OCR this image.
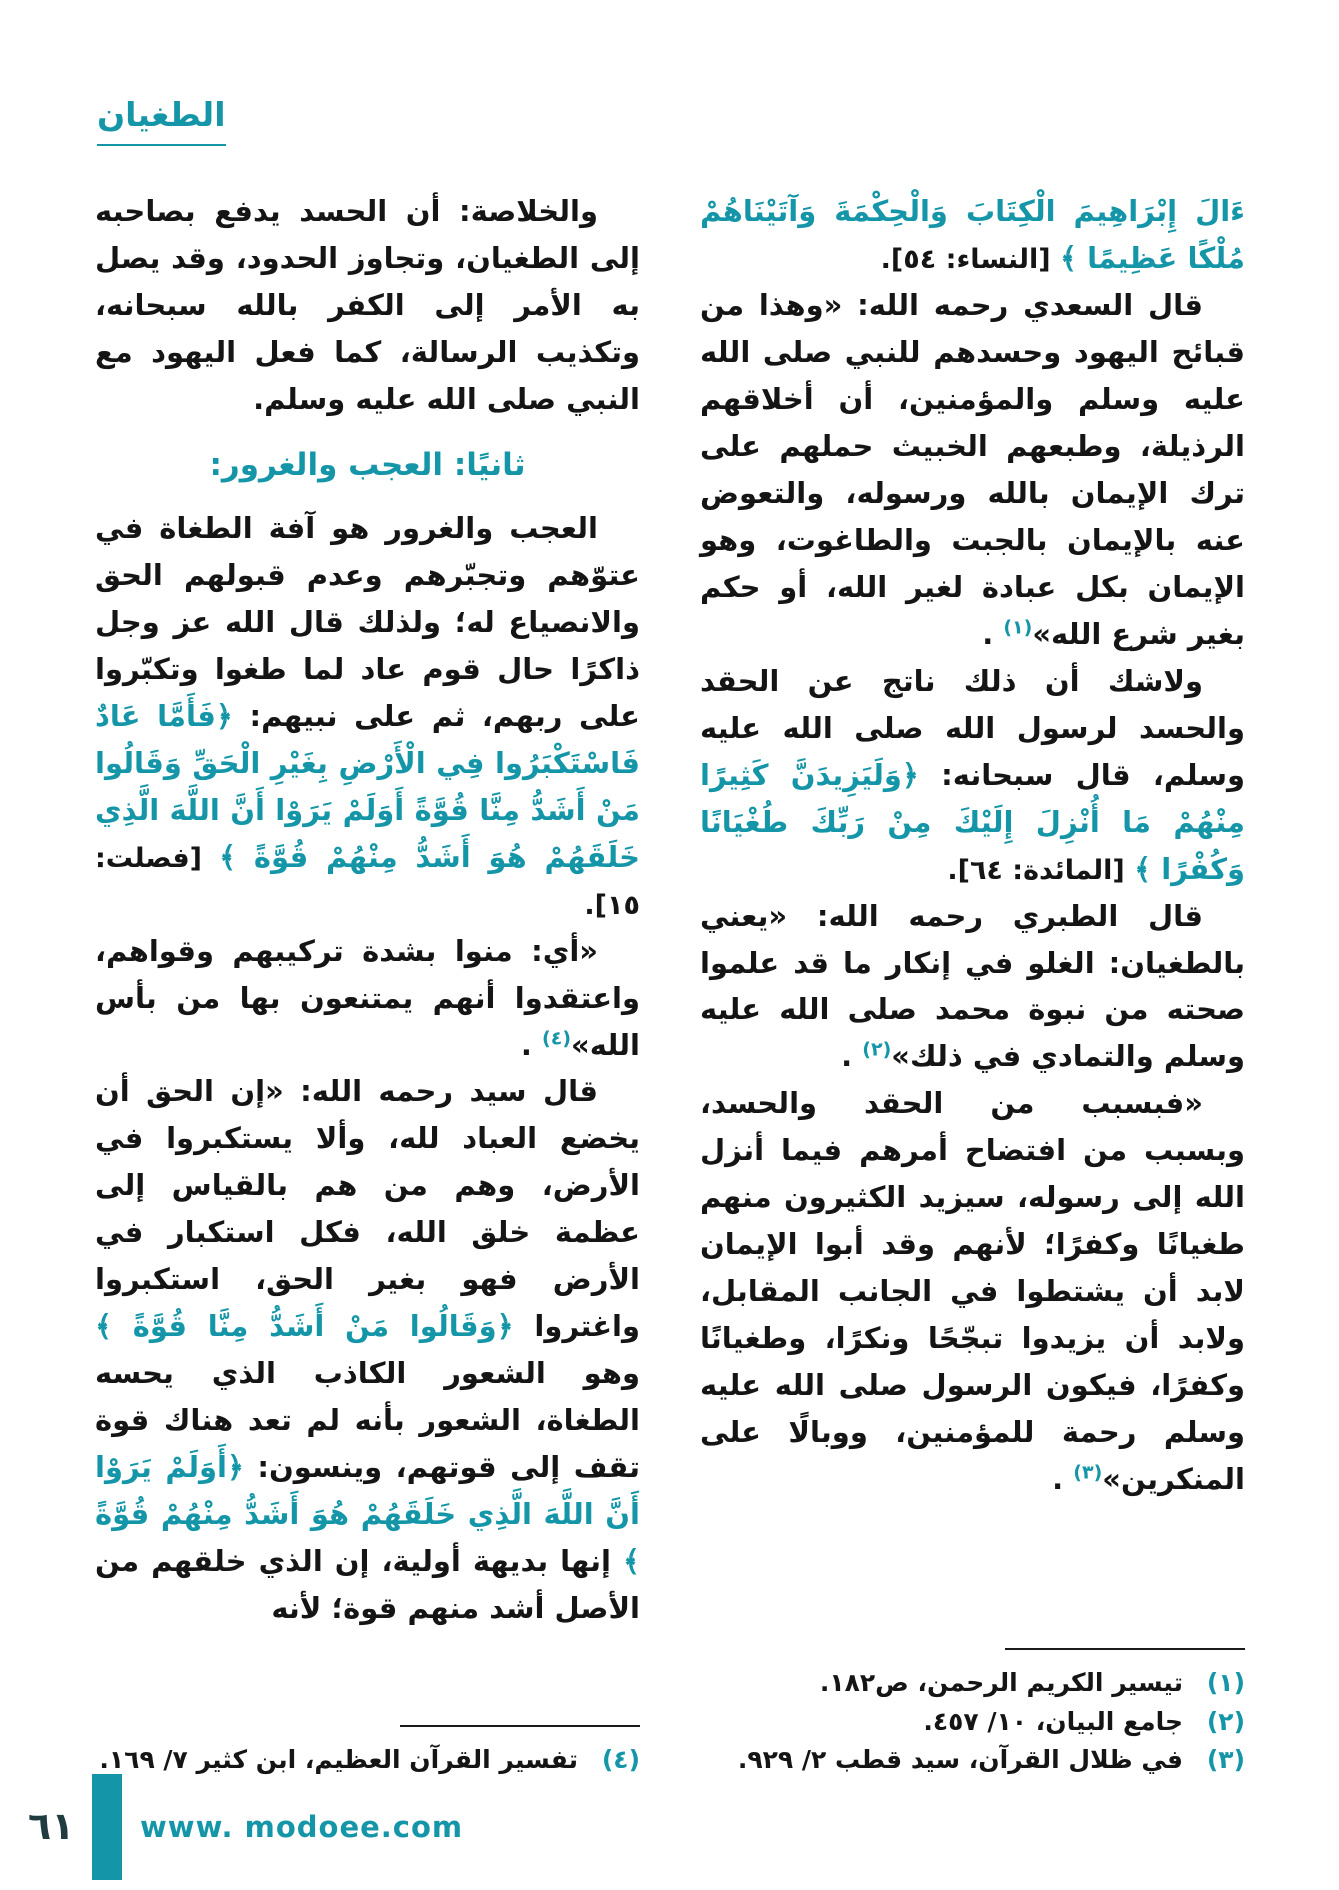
الطغيان

ءَالَ إِبْرَاهِيمَ الْكِتَابَ وَالْحِكْمَةَ وَآتَيْنَاهُمْ مُلْكًا عَظِيمًا ﴾ [النساء: ٥٤].

قال السعدي رحمه الله: «وهذا من قبائح اليهود وحسدهم للنبي صلى الله عليه وسلم والمؤمنين، أن أخلاقهم الرذيلة، وطبعهم الخبيث حملهم على ترك الإيمان بالله ورسوله، والتعوض عنه بالإيمان بالجبت والطاغوت، وهو الإيمان بكل عبادة لغير الله، أو حكم بغير شرع الله»$^{(١)}$ .

ولاشك أن ذلك ناتج عن الحقد والحسد لرسول الله صلى الله عليه وسلم، قال سبحانه: ﴿وَلَيَزِيدَنَّ كَثِيرًا مِنْهُمْ مَا أُنْزِلَ إِلَيْكَ مِنْ رَبِّكَ طُغْيَانًا وَكُفْرًا ﴾ [المائدة: ٦٤].

قال الطبري رحمه الله: «يعني بالطغيان: الغلو في إنكار ما قد علموا صحته من نبوة محمد صلى الله عليه وسلم والتمادي في ذلك»$^{(٢)}$ .

«فبسبب من الحقد والحسد، وبسبب من افتضاح أمرهم فيما أنزل الله إلى رسوله، سيزيد الكثيرون منهم طغيانًا وكفرًا؛ لأنهم وقد أبوا الإيمان لابد أن يشتطوا في الجانب المقابل، ولابد أن يزيدوا تبجّحًا ونكرًا، وطغيانًا وكفرًا، فيكون الرسول صلى الله عليه وسلم رحمة للمؤمنين، ووبالًا على المنكرين»$^{(٣)}$ .

(١)
تيسير الكريم الرحمن، ص١٨٢.
(٢)
جامع البيان، ١٠/ ٤٥٧.
(٣)
في ظلال القرآن، سيد قطب ٢/ ٩٢٩.

والخلاصة: أن الحسد يدفع بصاحبه إلى الطغيان، وتجاوز الحدود، وقد يصل به الأمر إلى الكفر بالله سبحانه، وتكذيب الرسالة، كما فعل اليهود مع النبي صلى الله عليه وسلم.

ثانيًا: العجب والغرور:

العجب والغرور هو آفة الطغاة في عتوّهم وتجبّرهم وعدم قبولهم الحق والانصياع له؛ ولذلك قال الله عز وجل ذاكرًا حال قوم عاد لما طغوا وتكبّروا على ربهم، ثم على نبيهم: ﴿فَأَمَّا عَادٌ فَاسْتَكْبَرُوا فِي الْأَرْضِ بِغَيْرِ الْحَقِّ وَقَالُوا مَنْ أَشَدُّ مِنَّا قُوَّةً أَوَلَمْ يَرَوْا أَنَّ اللَّهَ الَّذِي خَلَقَهُمْ هُوَ أَشَدُّ مِنْهُمْ قُوَّةً ﴾ [فصلت: ١٥].

«أي: منوا بشدة تركيبهم وقواهم، واعتقدوا أنهم يمتنعون بها من بأس الله»$^{(٤)}$ .

قال سيد رحمه الله: «إن الحق أن يخضع العباد لله، وألا يستكبروا في الأرض، وهم من هم بالقياس إلى عظمة خلق الله، فكل استكبار في الأرض فهو بغير الحق، استكبروا واغتروا ﴿وَقَالُوا مَنْ أَشَدُّ مِنَّا قُوَّةً ﴾ وهو الشعور الكاذب الذي يحسه الطغاة، الشعور بأنه لم تعد هناك قوة تقف إلى قوتهم، وينسون: ﴿أَوَلَمْ يَرَوْا أَنَّ اللَّهَ الَّذِي خَلَقَهُمْ هُوَ أَشَدُّ مِنْهُمْ قُوَّةً ﴾ إنها بديهة أولية، إن الذي خلقهم من الأصل أشد منهم قوة؛ لأنه

(٤)
تفسير القرآن العظيم، ابن كثير ٧/ ١٦٩.
٦١ www. modoee.com
